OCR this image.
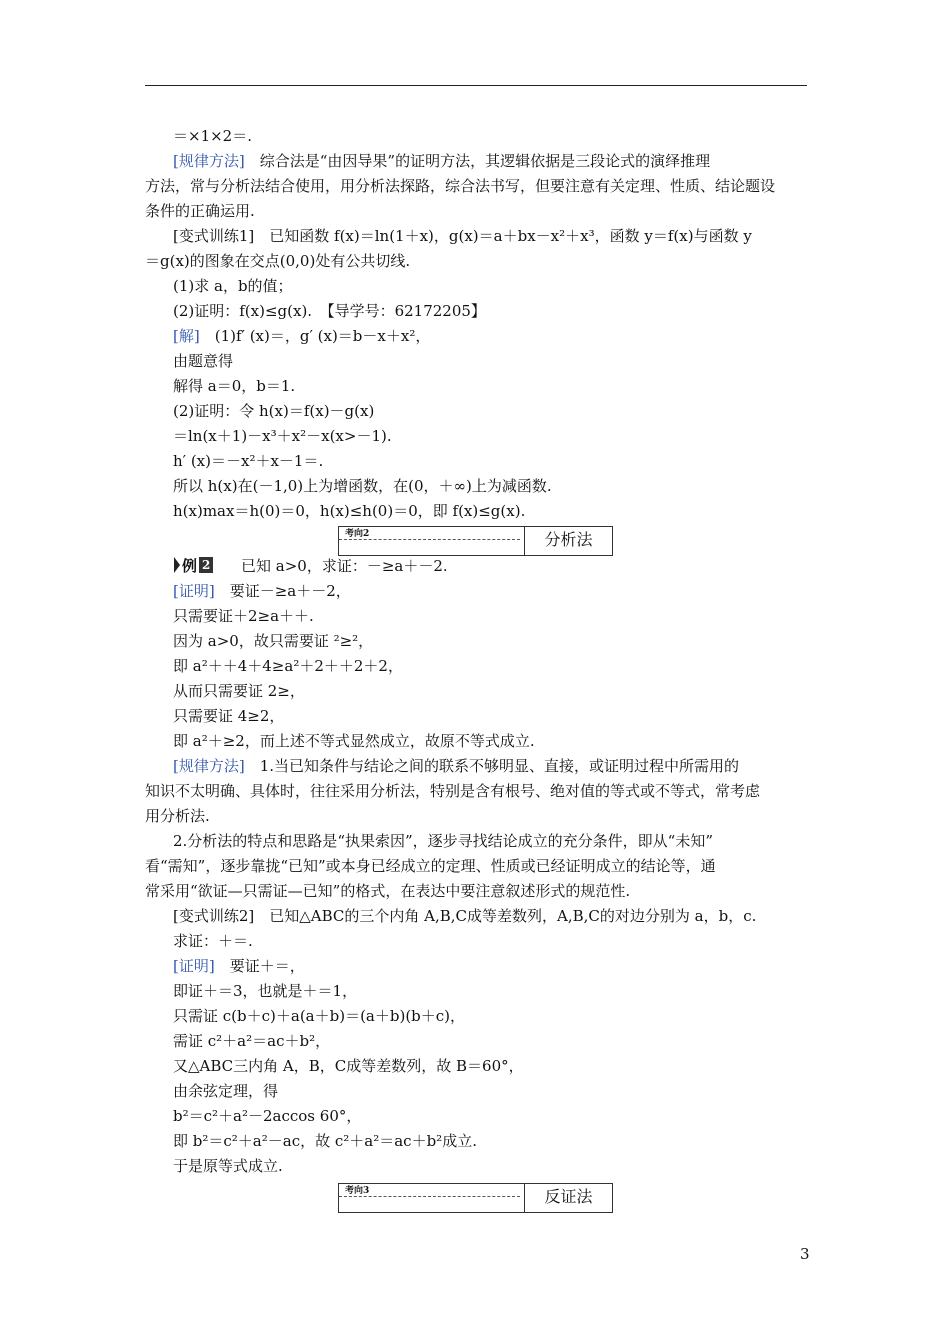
＝×1×2＝.
[规律方法]　 综合法是“由因导果”的证明方法，其逻辑依据是三段论式的演绎推理
方法，常与分析法结合使用，用分析法探路，综合法书写，但要注意有关定理、性质、结论题设
条件的正确运用.
[变式训练1]　已知函数 f(x)＝ln(1＋x)，g(x)＝a＋bx－x²＋x³，函数 y＝f(x)与函数 y
＝g(x)的图象在交点(0,0)处有公共切线.
(1)求 a，b的值；
(2)证明：f(x)≤g(x).　【导学号：62172205】
[解]　 (1)f′ (x)＝，g′ (x)＝b－x＋x²，
由题意得
解得 a＝0，b＝1.
(2)证明：令 h(x)＝f(x)－g(x)
＝ln(x＋1)－x³＋x²－x(x>－1).
h′ (x)＝－x²＋x－1＝.
所以 h(x)在(－1,0)上为增函数，在(0，＋∞)上为减函数.
h(x)max＝h(0)＝0，h(x)≤h(0)＝0，即 f(x)≤g(x).
考向2	分析法
例 2 已知 a>0，求证：－≥a＋－2.
[证明]　 要证－≥a＋－2，
只需要证＋2≥a＋＋.
因为 a>0，故只需要证 ²≥²，
即 a²＋＋4＋4≥a²＋2＋＋2＋2，
从而只需要证 2≥，
只需要证 4≥2，
即 a²＋≥2，而上述不等式显然成立，故原不等式成立.
[规律方法]　 1.当已知条件与结论之间的联系不够明显、直接，或证明过程中所需用的
知识不太明确、具体时，往往采用分析法，特别是含有根号、绝对值的等式或不等式，常考虑
用分析法.
2.分析法的特点和思路是“执果索因”，逐步寻找结论成立的充分条件，即从“未知”
看“需知”，逐步靠拢“已知”或本身已经成立的定理、性质或已经证明成立的结论等，通
常采用“欲证—只需证—已知”的格式，在表达中要注意叙述形式的规范性.
[变式训练2]　已知△ABC的三个内角 A,B,C成等差数列，A,B,C的对边分别为 a，b，c.
求证：＋＝.
[证明]　 要证＋＝，
即证＋＝3，也就是＋＝1，
只需证 c(b＋c)＋a(a＋b)＝(a＋b)(b＋c)，
需证 c²＋a²＝ac＋b²，
又△ABC三内角 A，B，C成等差数列，故 B＝60°，
由余弦定理，得
b²＝c²＋a²－2accos 60°，
即 b²＝c²＋a²－ac，故 c²＋a²＝ac＋b²成立.
于是原等式成立.
考向3	反证法
3
